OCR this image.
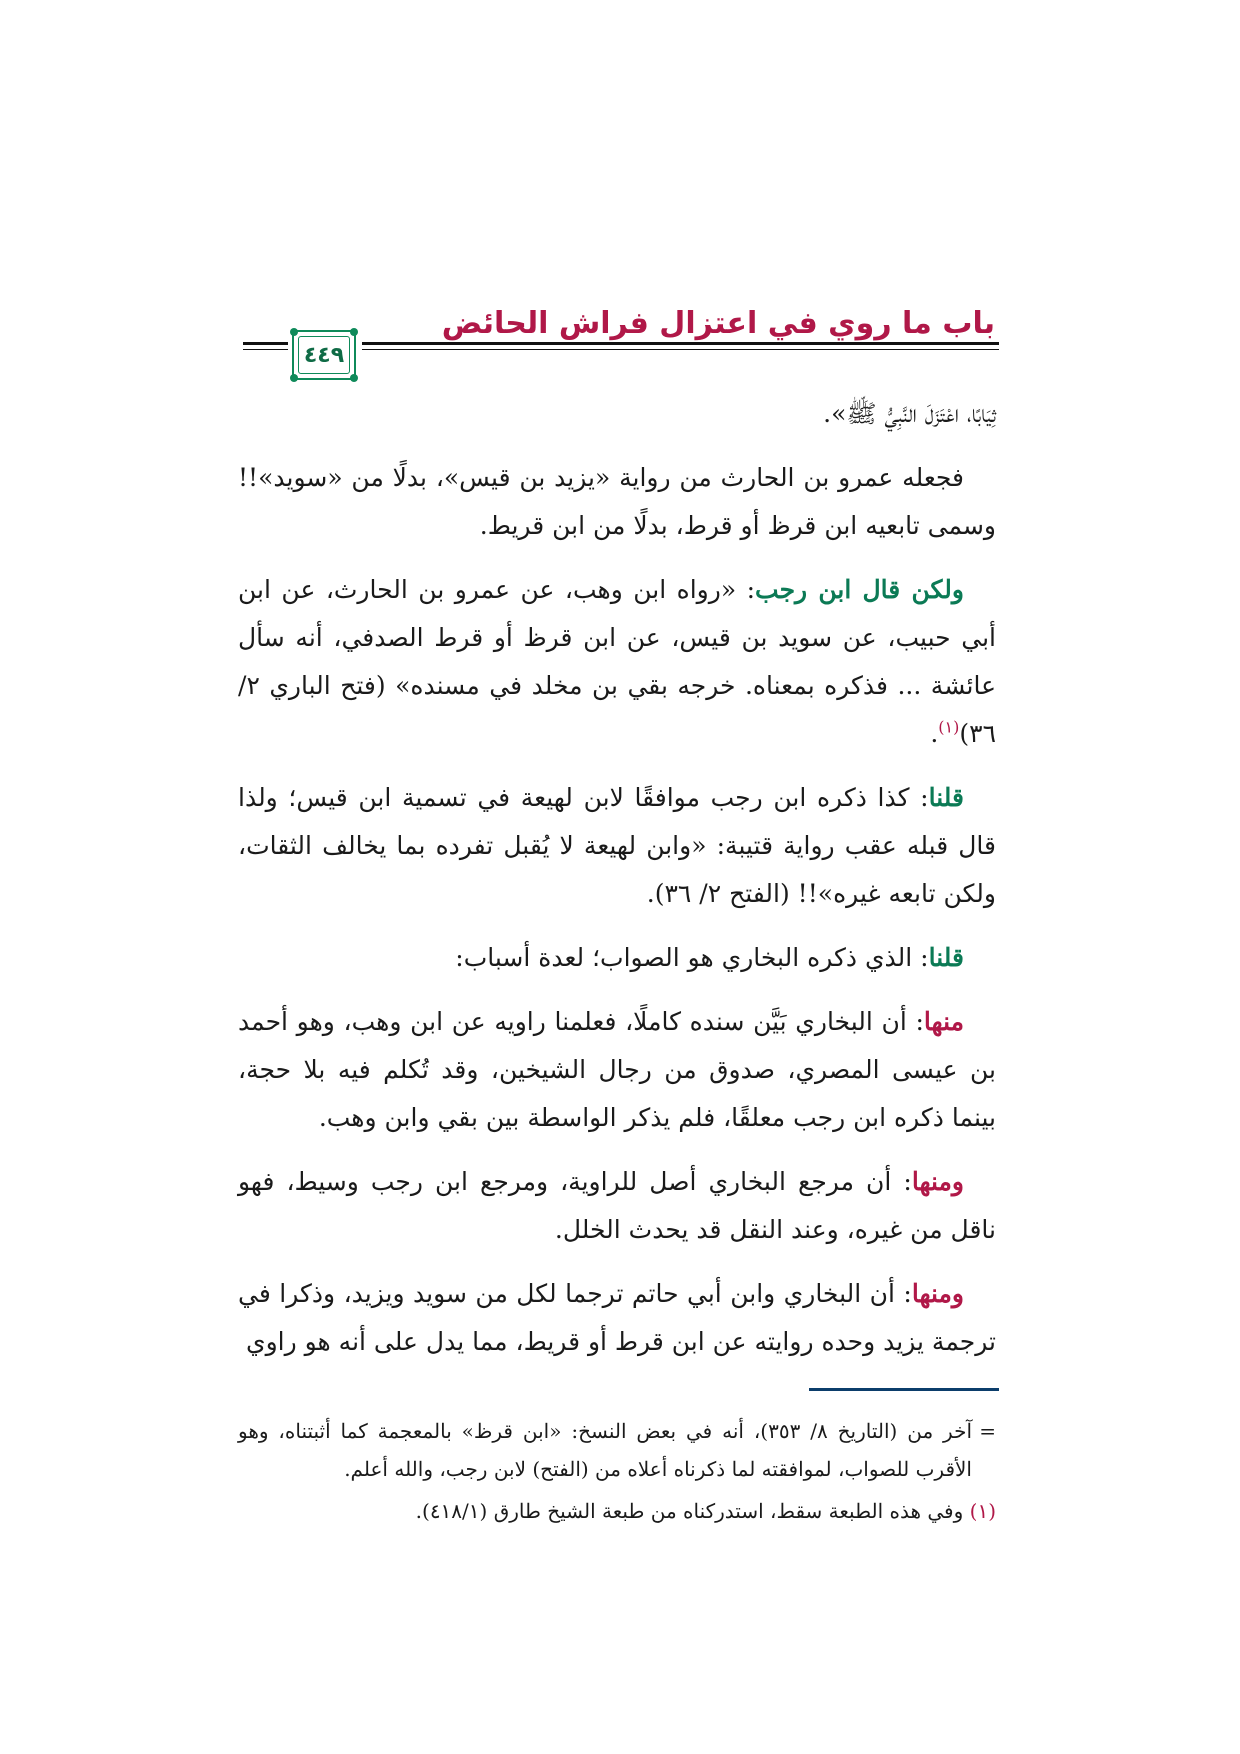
باب ما روي في اعتزال فراش الحائض
٤٤٩

ثِيَابًا، اعْتَزَلَ النَّبِيُّ ﷺ».

فجعله عمرو بن الحارث من رواية «يزيد بن قيس»، بدلًا من «سويد»!! وسمى تابعيه ابن قرظ أو قرط، بدلًا من ابن قريط.

ولكن قال ابن رجب: «رواه ابن وهب، عن عمرو بن الحارث، عن ابن أبي حبيب، عن سويد بن قيس، عن ابن قرظ أو قرط الصدفي، أنه سأل عائشة ... فذكره بمعناه. خرجه بقي بن مخلد في مسنده» (فتح الباري ٢/ ٣٦)$^{(١)}$.

قلنا: كذا ذكره ابن رجب موافقًا لابن لهيعة في تسمية ابن قيس؛ ولذا قال قبله عقب رواية قتيبة: «وابن لهيعة لا يُقبل تفرده بما يخالف الثقات، ولكن تابعه غيره»!! (الفتح ٢/ ٣٦).

قلنا: الذي ذكره البخاري هو الصواب؛ لعدة أسباب:

منها: أن البخاري بَيَّن سنده كاملًا، فعلمنا راويه عن ابن وهب، وهو أحمد بن عيسى المصري، صدوق من رجال الشيخين، وقد تُكلم فيه بلا حجة، بينما ذكره ابن رجب معلقًا، فلم يذكر الواسطة بين بقي وابن وهب.

ومنها: أن مرجع البخاري أصل للراوية، ومرجع ابن رجب وسيط، فهو ناقل من غيره، وعند النقل قد يحدث الخلل.

ومنها: أن البخاري وابن أبي حاتم ترجما لكل من سويد ويزيد، وذكرا في ترجمة يزيد وحده روايته عن ابن قرط أو قريط، مما يدل على أنه هو راوي

=
آخر من (التاريخ ٨/ ٣٥٣)، أنه في بعض النسخ: «ابن قرظ» بالمعجمة كما أثبتناه، وهو الأقرب للصواب، لموافقته لما ذكرناه أعلاه من (الفتح) لابن رجب، والله أعلم.

(١) وفي هذه الطبعة سقط، استدركناه من طبعة الشيخ طارق (٤١٨/١).
